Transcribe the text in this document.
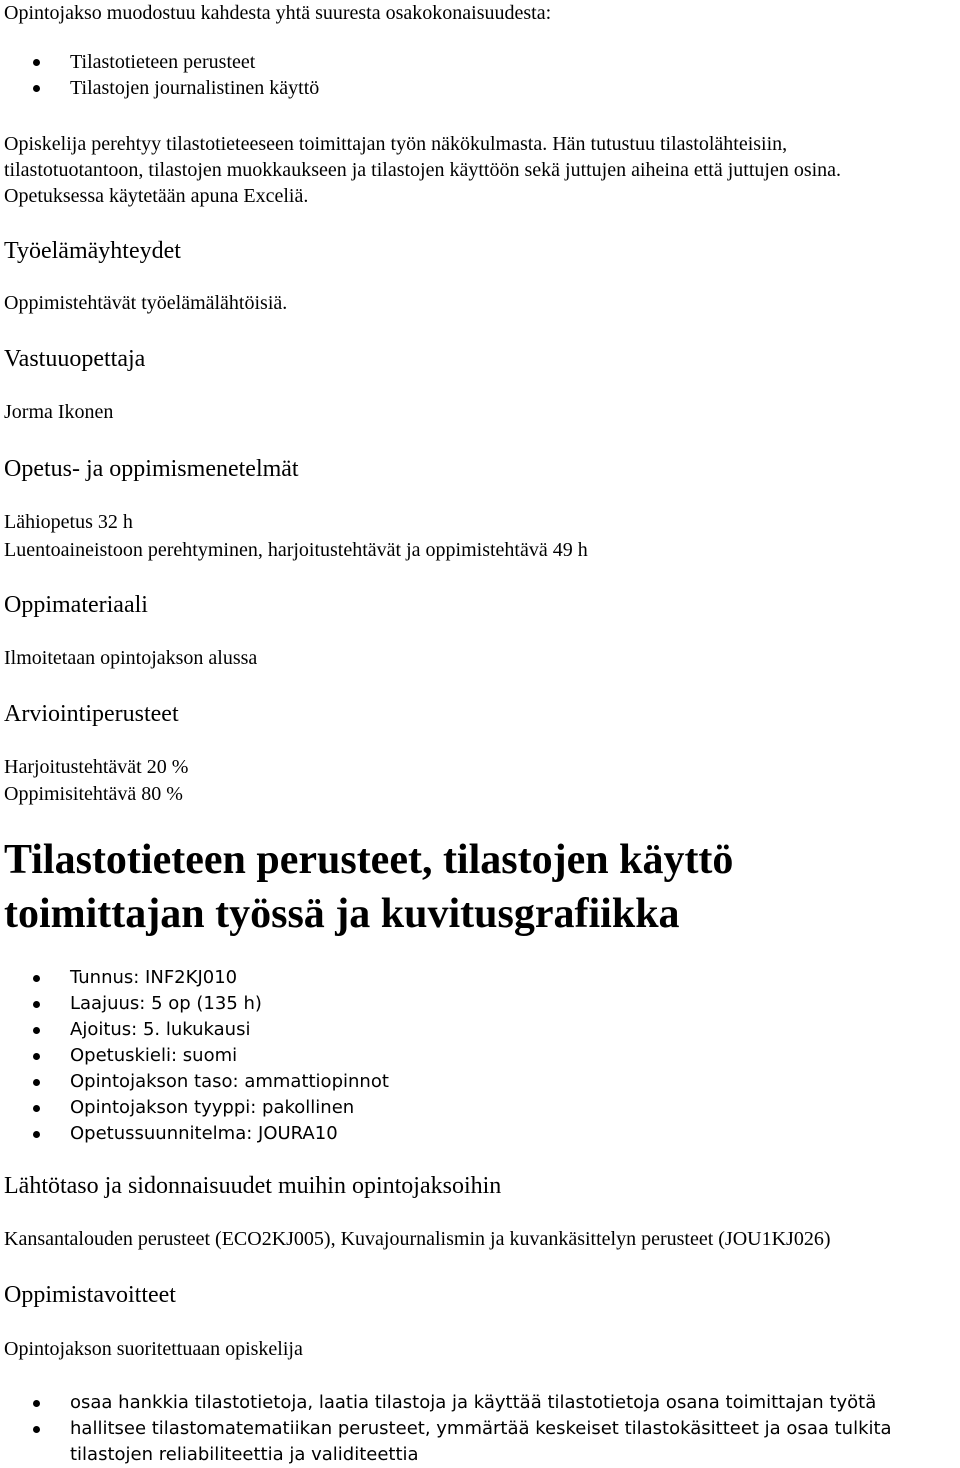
Opintojakso muodostuu kahdesta yhtä suuresta osakokonaisuudesta:
Tilastotieteen perusteet
Tilastojen journalistinen käyttö
Opiskelija perehtyy tilastotieteeseen toimittajan työn näkökulmasta. Hän tutustuu tilastolähteisiin,
tilastotuotantoon, tilastojen muokkaukseen ja tilastojen käyttöön sekä juttujen aiheina että juttujen osina.
Opetuksessa käytetään apuna Exceliä.
Työelämäyhteydet
Oppimistehtävät työelämälähtöisiä.
Vastuuopettaja
Jorma Ikonen
Opetus- ja oppimismenetelmät
Lähiopetus 32 h
Luentoaineistoon perehtyminen, harjoitustehtävät ja oppimistehtävä 49 h
Oppimateriaali
Ilmoitetaan opintojakson alussa
Arviointiperusteet
Harjoitustehtävät 20 %
Oppimisitehtävä 80 %
Tilastotieteen perusteet, tilastojen käyttö
toimittajan työssä ja kuvitusgrafiikka
Tunnus: INF2KJ010
Laajuus: 5 op (135 h)
Ajoitus: 5. lukukausi
Opetuskieli: suomi
Opintojakson taso: ammattiopinnot
Opintojakson tyyppi: pakollinen
Opetussuunnitelma: JOURA10
Lähtötaso ja sidonnaisuudet muihin opintojaksoihin
Kansantalouden perusteet (ECO2KJ005), Kuvajournalismin ja kuvankäsittelyn perusteet (JOU1KJ026)
Oppimistavoitteet
Opintojakson suoritettuaan opiskelija
osaa hankkia tilastotietoja, laatia tilastoja ja käyttää tilastotietoja osana toimittajan työtä
hallitsee tilastomatematiikan perusteet, ymmärtää keskeiset tilastokäsitteet ja osaa tulkita
tilastojen reliabiliteettia ja validiteettia
